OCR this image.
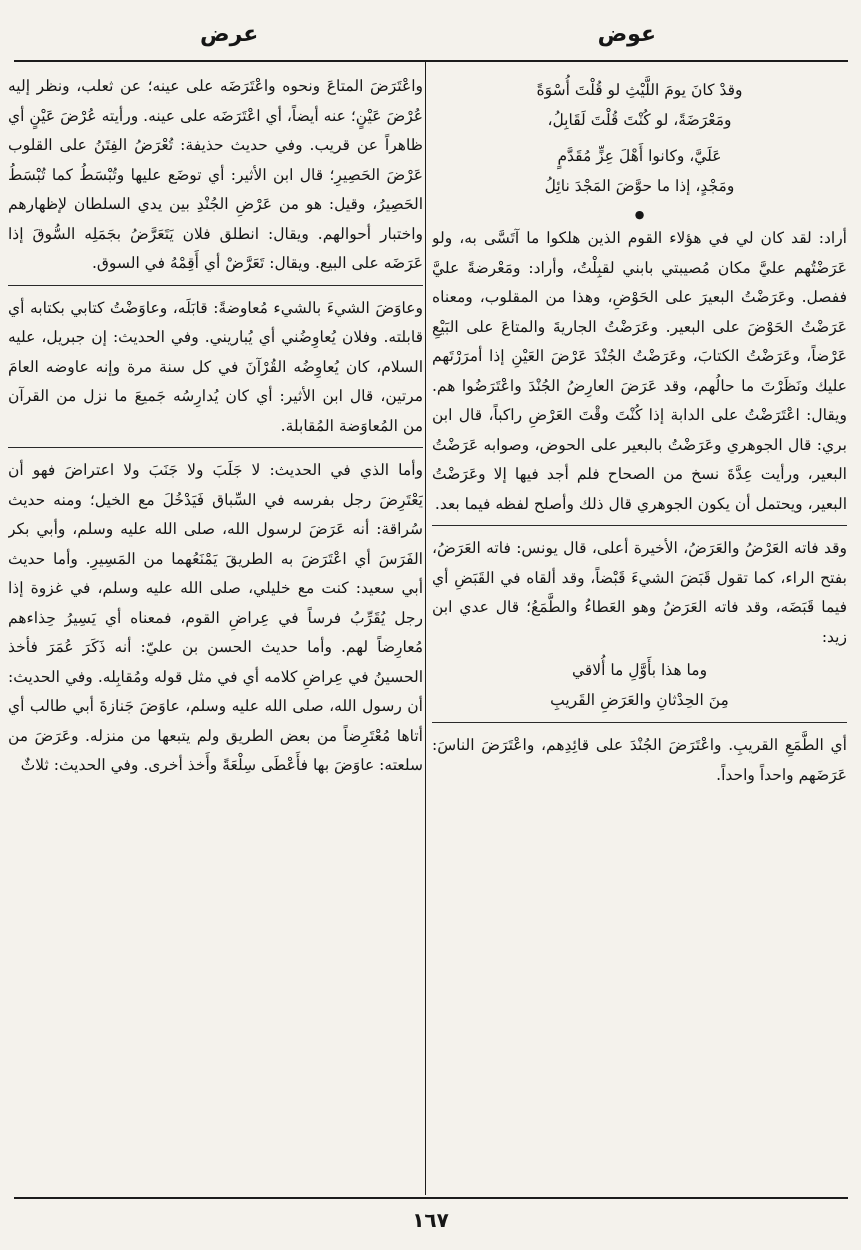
عوض
عرض

وقدْ كانَ يومَ اللَّيْثِ لو قُلْتَ أُسْوَةً

ومَعْرَضَةً، لو كُنْتَ قُلْتَ لَقَابِلُ،

عَلَيَّ، وكانوا أَهْلَ عِزٍّ مُقَدَّمٍ

ومَجْدٍ، إذا ما حوَّضَ المَجْدَ نائِلُ

●

أراد: لقد كان لي في هؤلاء القوم الذين هلكوا ما آتَسَّى به، ولو عَرَضْتُهم عليَّ مكان مُصيبتي بابني لقبِلْتُ، وأراد: ومَعْرضةً عليَّ ففصل. وعَرَضْتُ البعيرَ على الحَوْضِ، وهذا من المقلوب، ومعناه عَرَضْتُ الحَوْضَ على البعير. وعَرَضْتُ الجاريةَ والمتاعَ على البَيْعِ عَرْضاً، وعَرَضْتُ الكتابَ، وعَرَضْتُ الجُنْدَ عَرْضَ العَيْنِ إذا أمرَرْتَهم عليك ونَظَرْتَ ما حالُهم، وقد عَرَضَ العارِضُ الجُنْدَ واعْتَرَضُوا هم. ويقال: اعْتَرَضْتُ على الدابة إذا كُنْتَ وقْتَ العَرْضِ راكباً، قال ابن بري: قال الجوهري وعَرَضْتُ بالبعير على الحوض، وصوابه عَرَضْتُ البعير، ورأيت عِدَّةَ نسخ من الصحاح فلم أجد فيها إلا وعَرَضْتُ البعير، ويحتمل أن يكون الجوهري قال ذلك وأصلح لفظه فيما بعد.

وقد فاته العَرْضُ والعَرَضُ، الأخيرة أعلى، قال يونس: فاته العَرَضُ، بفتح الراء، كما تقول قَبَضَ الشيءَ قَبْضاً، وقد ألقاه في القَبَضِ أي فيما قَبَضَه، وقد فاته العَرَضُ وهو العَطاءُ والطَّمَعُ؛ قال عدي ابن زيد:

وما هذا بأَوَّلِ ما أُلاقي

مِنَ الحِدْثانِ والعَرَضِ القَريبِ

أي الطَّمَعِ القريبِ. واعْتَرَضَ الجُنْدَ على قائِدِهم، واعْتَرَضَ الناسَ: عَرَضَهم واحداً واحداً.

واعْتَرَضَ المتاعَ ونحوه واعْتَرَضَه على عينه؛ عن ثعلب، ونظر إليه عُرْضَ عَيْنٍ؛ عنه أيضاً، أي اعْتَرَضَه على عينه. ورأيته عُرْضَ عَيْنٍ أي ظاهراً عن قريب. وفي حديث حذيفة: تُعْرَضُ الفِتَنُ على القلوب عَرْضَ الحَصِيرِ؛ قال ابن الأثير: أي توضَع عليها وتُبْسَطُ كما تُبْسَطُ الحَصِيرُ، وقيل: هو من عَرْضِ الجُنْدِ بين يدي السلطان لإظهارهم واختبار أحوالهم. ويقال: انطلق فلان يَتَعَرَّضُ بجَمَلِه السُّوقَ إذا عَرَضَه على البيع. ويقال: تَعَرَّضْ أي أَقِمْهُ في السوق.

وعاوَضَ الشيءَ بالشيء مُعاوضةً: قابَلَه، وعاوَضْتُ كتابي بكتابه أي قابلته. وفلان يُعاوِضُني أي يُباريني. وفي الحديث: إن جبريل، عليه السلام، كان يُعاوِضُه القُرْآنَ في كل سنة مرة وإنه عاوضه العامَ مرتين، قال ابن الأثير: أي كان يُدارِسُه جَميعَ ما نزل من القرآن من المُعاوَضة المُقابلة.

وأما الذي في الحديث: لا جَلَبَ ولا جَنَبَ ولا اعتراضَ فهو أن يَعْتَرِضَ رجل بفرسه في السِّباق فَيَدْخُلَ مع الخيل؛ ومنه حديث سُراقة: أنه عَرَضَ لرسول الله، صلى الله عليه وسلم، وأبي بكر الفَرَسَ أي اعْتَرَضَ به الطريقَ يَمْنَعُهما من المَسِيرِ. وأما حديث أبي سعيد: كنت مع خليلي، صلى الله عليه وسلم، في غزوة إذا رجل يُقَرِّبُ فرساً في عِراضِ القوم، فمعناه أي يَسِيرُ حِذاءهم مُعارِضاً لهم. وأما حديث الحسن بن عليّ: أنه ذَكَرَ عُمَرَ فأخذ الحسينُ في عِراضِ كلامه أي في مثل قوله ومُقابِله. وفي الحديث: أن رسول الله، صلى الله عليه وسلم، عاوَضَ جَنازةَ أبي طالب أي أتاها مُعْتَرِضاً من بعض الطريق ولم يتبعها من منزله. وعَرَضَ من سلعته: عاوَضَ بها فأَعْطَى سِلْعَةً وأَخذ أخرى. وفي الحديث: ثلاثٌ

١٦٧
